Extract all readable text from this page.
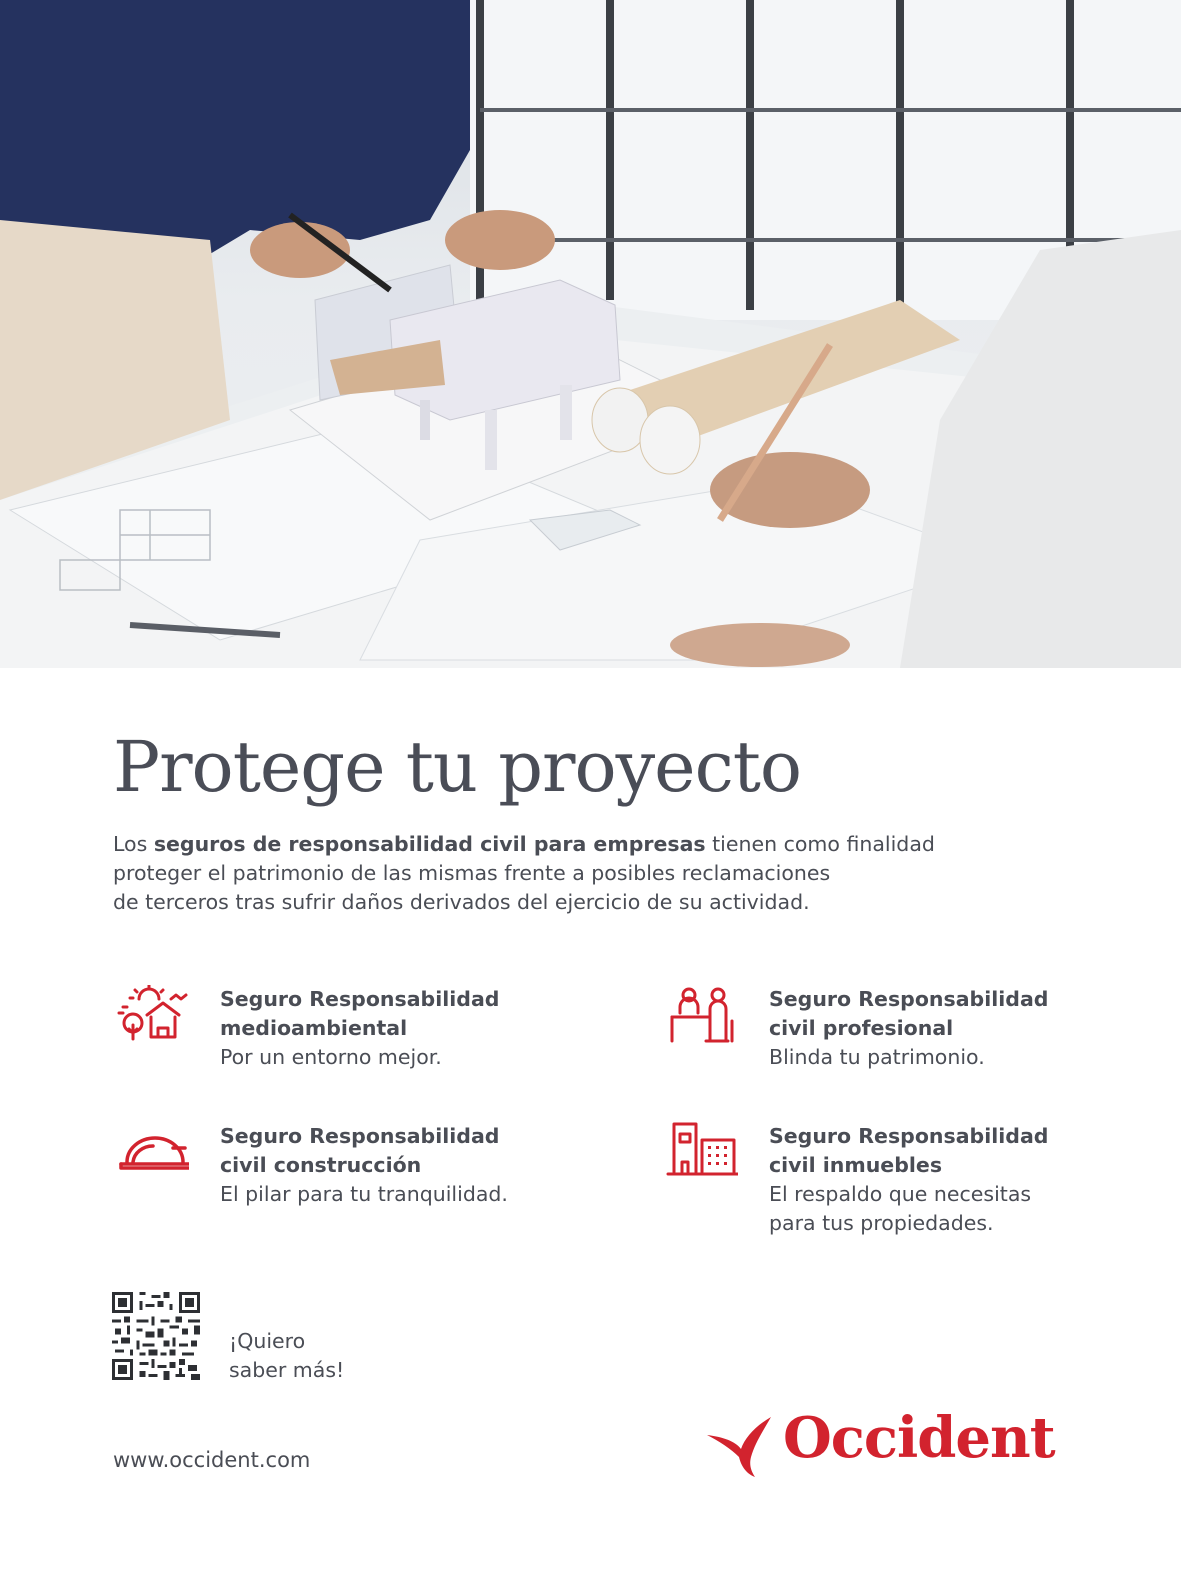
Protege tu proyecto

Los seguros de responsabilidad civil para empresas tienen como finalidad
proteger el patrimonio de las mismas frente a posibles reclamaciones
de terceros tras sufrir daños derivados del ejercicio de su actividad.

Seguro Responsabilidad
medioambiental
Por un entorno mejor.
Seguro Responsabilidad
civil profesional
Blinda tu patrimonio.
Seguro Responsabilidad
civil construcción
El pilar para tu tranquilidad.
Seguro Responsabilidad
civil inmuebles
El respaldo que necesitas
para tus propiedades.
¡Quiero
saber más!
www.occident.com	Occident
